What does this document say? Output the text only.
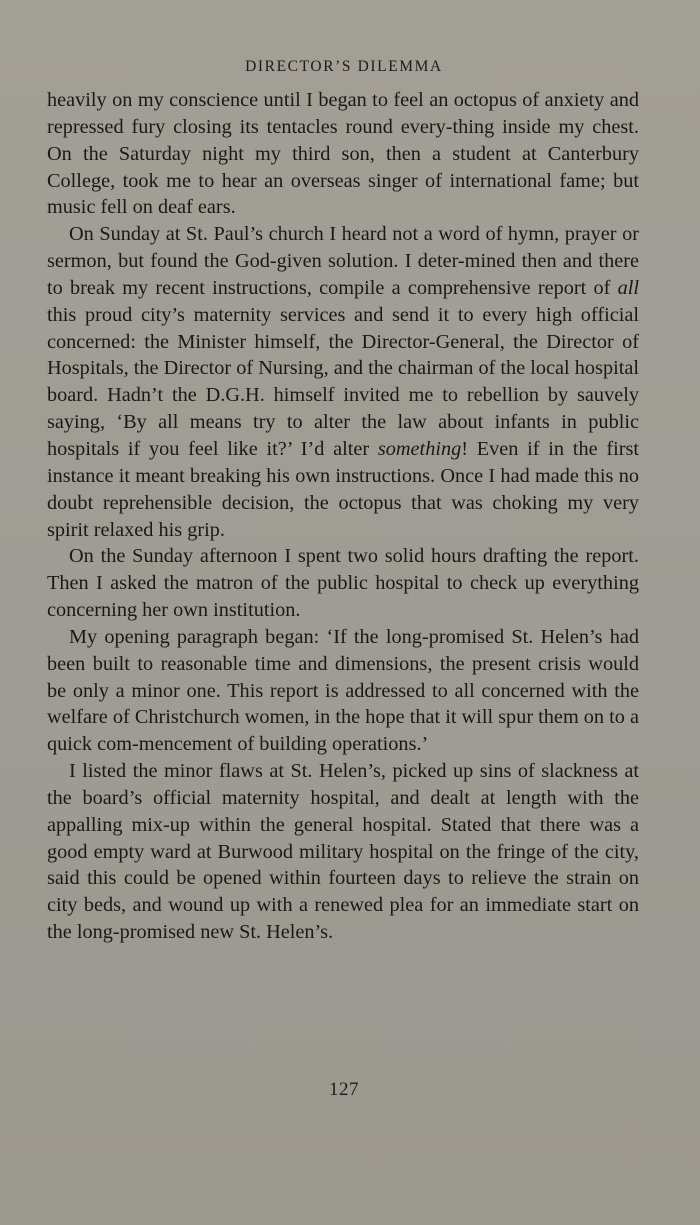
DIRECTOR’S DILEMMA

heavily on my conscience until I began to feel an octopus of anxiety and repressed fury closing its tentacles round every-thing inside my chest. On the Saturday night my third son, then a student at Canterbury College, took me to hear an overseas singer of international fame; but music fell on deaf ears.

On Sunday at St. Paul’s church I heard not a word of hymn, prayer or sermon, but found the God-given solution. I deter-mined then and there to break my recent instructions, compile a comprehensive report of all this proud city’s maternity services and send it to every high official concerned: the Minister himself, the Director-General, the Director of Hospitals, the Director of Nursing, and the chairman of the local hospital board. Hadn’t the D.G.H. himself invited me to rebellion by sauvely saying, ‘By all means try to alter the law about infants in public hospitals if you feel like it?’ I’d alter something! Even if in the first instance it meant breaking his own instructions. Once I had made this no doubt reprehensible decision, the octopus that was choking my very spirit relaxed his grip.

On the Sunday afternoon I spent two solid hours drafting the report. Then I asked the matron of the public hospital to check up everything concerning her own institution.

My opening paragraph began: ‘If the long-promised St. Helen’s had been built to reasonable time and dimensions, the present crisis would be only a minor one. This report is addressed to all concerned with the welfare of Christchurch women, in the hope that it will spur them on to a quick com-mencement of building operations.’

I listed the minor flaws at St. Helen’s, picked up sins of slackness at the board’s official maternity hospital, and dealt at length with the appalling mix-up within the general hospital. Stated that there was a good empty ward at Burwood military hospital on the fringe of the city, said this could be opened within fourteen days to relieve the strain on city beds, and wound up with a renewed plea for an immediate start on the long-promised new St. Helen’s.

127
